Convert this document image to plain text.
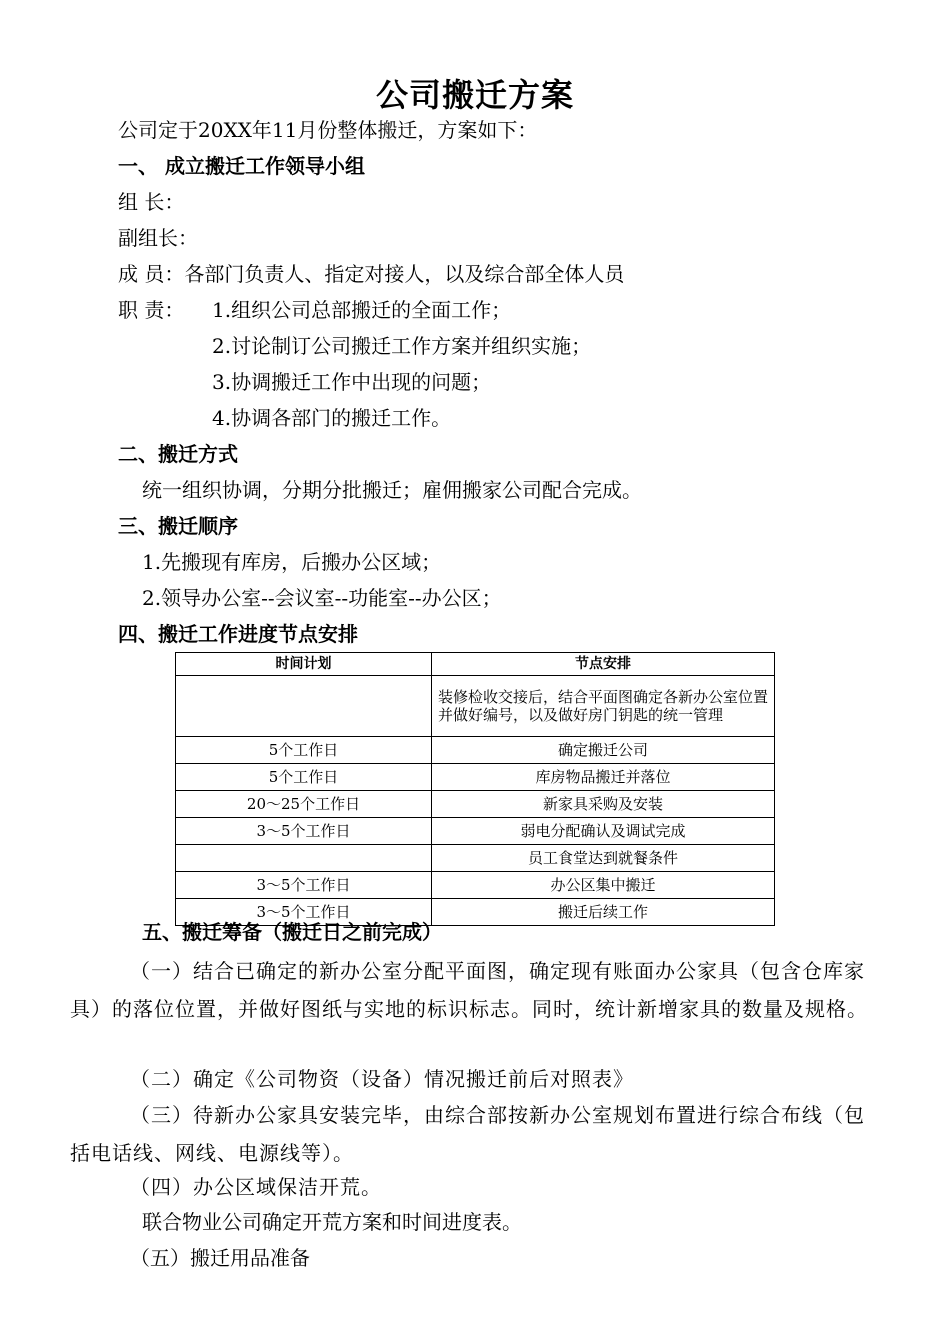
公司搬迁方案
公司定于20XX年11月份整体搬迁，方案如下：
一、 成立搬迁工作领导小组
组 长：
副组长：
成 员：各部门负责人、指定对接人，以及综合部全体人员
职 责： 1.组织公司总部搬迁的全面工作；
2.讨论制订公司搬迁工作方案并组织实施；
3.协调搬迁工作中出现的问题；
4.协调各部门的搬迁工作。
二、搬迁方式
统一组织协调，分期分批搬迁；雇佣搬家公司配合完成。
三、搬迁顺序
1.先搬现有库房，后搬办公区域；
2.领导办公室--会议室--功能室--办公区；
四、搬迁工作进度节点安排
时间计划	节点安排
	装修检收交接后，结合平面图确定各新办公室位置并做好编号，以及做好房门钥匙的统一管理
5个工作日	确定搬迁公司
5个工作日	库房物品搬迁并落位
20～25个工作日	新家具采购及安装
3～5个工作日	弱电分配确认及调试完成
	员工食堂达到就餐条件
3～5个工作日	办公区集中搬迁
3～5个工作日	搬迁后续工作
五、搬迁筹备（搬迁日之前完成）
（一）结合已确定的新办公室分配平面图，确定现有账面办公家具（包含仓库家具）的落位位置，并做好图纸与实地的标识标志。同时，统计新增家具的数量及规格。
（二）确定《公司物资（设备）情况搬迁前后对照表》
（三）待新办公家具安装完毕，由综合部按新办公室规划布置进行综合布线（包括电话线、网线、电源线等）。
（四）办公区域保洁开荒。
联合物业公司确定开荒方案和时间进度表。
（五）搬迁用品准备
